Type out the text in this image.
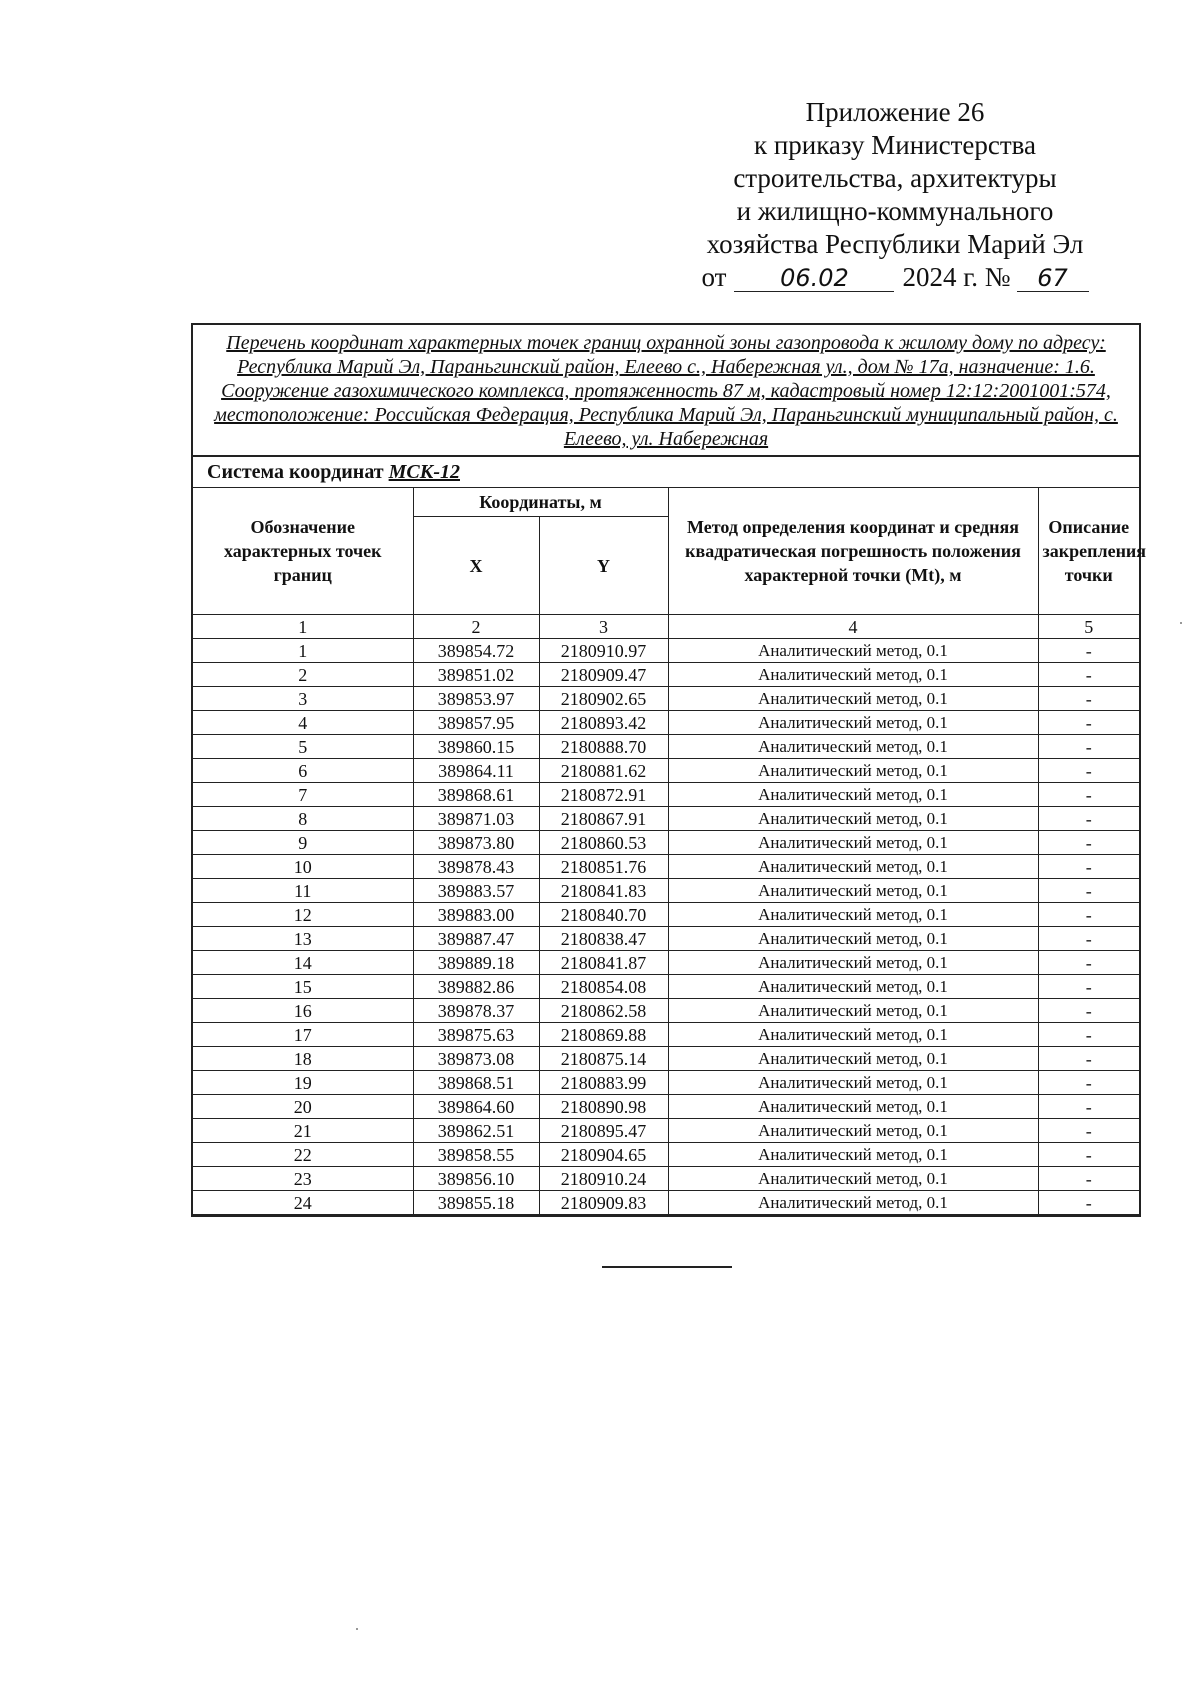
Приложение 26
к приказу Министерства
строительства, архитектуры
и жилищно-коммунального
хозяйства Республики Марий Эл
от	06.02	2024 г. №	67
Перечень координат характерных точек границ охранной зоны газопровода к жилому дому по адресу: Республика Марий Эл, Параньгинский район, Елеево с., Набережная ул., дом № 17а, назначение: 1.6. Сооружение газохимического комплекса, протяженность 87 м, кадастровый номер 12:12:2001001:574, местоположение: Российская Федерация, Республика Марий Эл, Параньгинский муниципальный район, с. Елеево, ул. Набережная
Система координат МСК-12
Обозначение характерных точек границ	Координаты, м		Метод определения координат и средняя квадратическая погрешность положения характерной точки (Mt), м	Описание закрепления точки
	X	Y		
1	2	3	4	5
1	389854.72	2180910.97	Аналитический метод, 0.1	-
2	389851.02	2180909.47	Аналитический метод, 0.1	-
3	389853.97	2180902.65	Аналитический метод, 0.1	-
4	389857.95	2180893.42	Аналитический метод, 0.1	-
5	389860.15	2180888.70	Аналитический метод, 0.1	-
6	389864.11	2180881.62	Аналитический метод, 0.1	-
7	389868.61	2180872.91	Аналитический метод, 0.1	-
8	389871.03	2180867.91	Аналитический метод, 0.1	-
9	389873.80	2180860.53	Аналитический метод, 0.1	-
10	389878.43	2180851.76	Аналитический метод, 0.1	-
11	389883.57	2180841.83	Аналитический метод, 0.1	-
12	389883.00	2180840.70	Аналитический метод, 0.1	-
13	389887.47	2180838.47	Аналитический метод, 0.1	-
14	389889.18	2180841.87	Аналитический метод, 0.1	-
15	389882.86	2180854.08	Аналитический метод, 0.1	-
16	389878.37	2180862.58	Аналитический метод, 0.1	-
17	389875.63	2180869.88	Аналитический метод, 0.1	-
18	389873.08	2180875.14	Аналитический метод, 0.1	-
19	389868.51	2180883.99	Аналитический метод, 0.1	-
20	389864.60	2180890.98	Аналитический метод, 0.1	-
21	389862.51	2180895.47	Аналитический метод, 0.1	-
22	389858.55	2180904.65	Аналитический метод, 0.1	-
23	389856.10	2180910.24	Аналитический метод, 0.1	-
24	389855.18	2180909.83	Аналитический метод, 0.1	-
